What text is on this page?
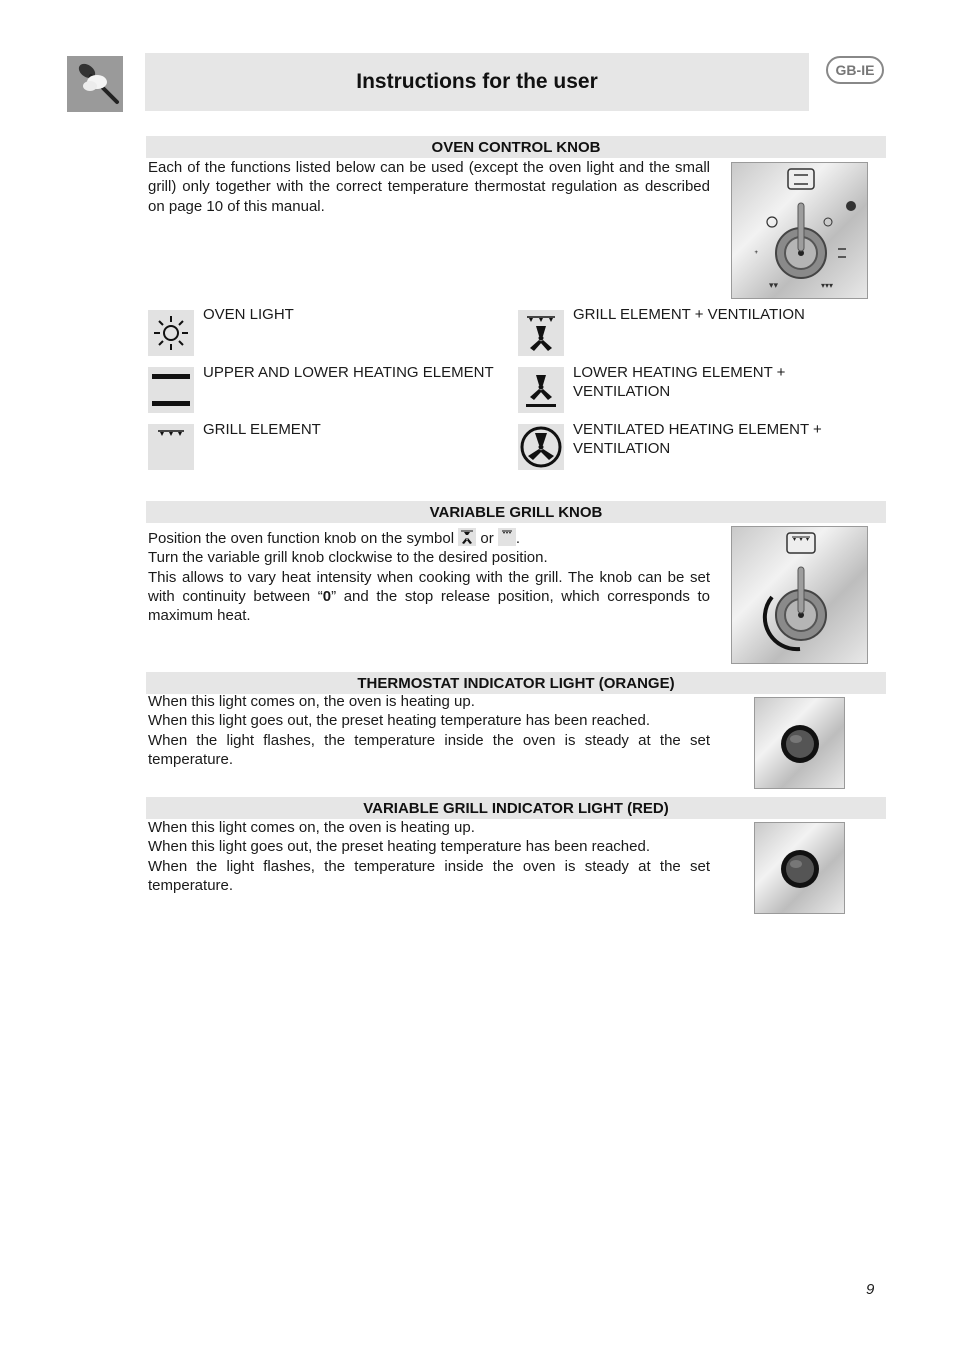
Instructions for the user	GB-IE
OVEN CONTROL KNOB

Each of the functions listed below can be used (except the oven light and the small grill) only together with the correct temperature thermostat regulation as described on page 10 of this manual.

ᐩ
▾▾	▾▾▾
OVEN LIGHT
UPPER AND LOWER HEATING ELEMENT
GRILL ELEMENT
GRILL ELEMENT + VENTILATION
LOWER HEATING ELEMENT + VENTILATION
VENTILATED HEATING ELEMENT + VENTILATION
VARIABLE GRILL KNOB

Position the oven function knob on the symbol or .

Turn the variable grill knob clockwise to the desired position.

This allows to vary heat intensity when cooking with the grill. The knob can be set with continuity between “0” and the stop release position, which corresponds to maximum heat.

THERMOSTAT INDICATOR LIGHT (ORANGE)

When this light comes on, the oven is heating up.

When this light goes out, the preset heating temperature has been reached.

When the light flashes, the temperature inside the oven is steady at the set temperature.

VARIABLE GRILL INDICATOR LIGHT (RED)

When this light comes on, the oven is heating up.

When this light goes out, the preset heating temperature has been reached.

When the light flashes, the temperature inside the oven is steady at the set temperature.

9
